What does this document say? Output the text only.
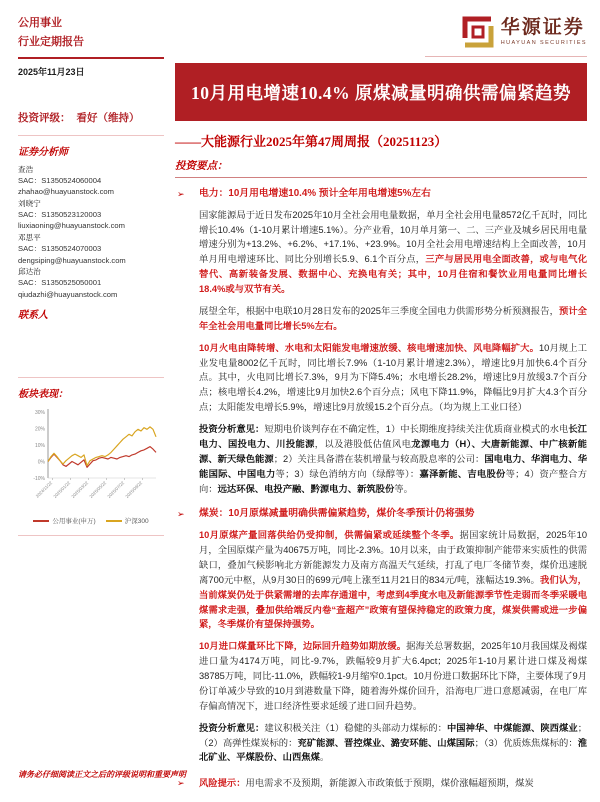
公用事业
行业定期报告
2025年11月23日
投资评级： 看好（维持）
证券分析师
查浩
SAC：S1350524060004
zhahao@huayuanstock.com
刘晓宁
SAC：S1350523120003
liuxiaoning@huayuanstock.com
邓思平
SAC：S1350524070003
dengsiping@huayuanstock.com
邱达治
SAC：S1350525050001
qiudazhi@huayuanstock.com
联系人
板块表现：
30%
20%
10%
0%
-10%
2024/11/22 2025/01/22 2025/03/22 2025/05/22 2025/07/22 2025/09/22
公用事业(申万)	沪深300
华源证券
HUAYUAN SECURITIES
10月用电增速10.4% 原煤减量明确供需偏紧趋势
——大能源行业2025年第47周周报（20251123）
投资要点：
➢	电力：10月用电增速10.4% 预计全年用电增速5%左右

国家能源局于近日发布2025年10月全社会用电量数据，单月全社会用电量8572亿千瓦时，同比增长10.4%（1-10月累计增速5.1%）。分产业看，10月单月第一、二、三产业及城乡居民用电量增速分别为+13.2%、+6.2%、+17.1%、+23.9%。10月全社会用电增速结构上全面改善，10月单月用电增速环比、同比分别增长5.9、6.1个百分点，三产与居民用电全面改善，或与电气化替代、高新装备发展、数据中心、充换电有关；其中，10月住宿和餐饮业用电量同比增长18.4%或与双节有关。

展望全年，根据中电联10月28日发布的2025年三季度全国电力供需形势分析预测报告，预计全年全社会用电量同比增长5%左右。

10月火电由降转增、水电和太阳能发电增速放缓、核电增速加快、风电降幅扩大。10月规上工业发电量8002亿千瓦时，同比增长7.9%（1-10月累计增速2.3%），增速比9月加快6.4个百分点。其中，火电同比增长7.3%，9月为下降5.4%；水电增长28.2%，增速比9月放缓3.7个百分点；核电增长4.2%，增速比9月加快2.6个百分点；风电下降11.9%，降幅比9月扩大4.3个百分点；太阳能发电增长5.9%，增速比9月放缓15.2个百分点。（均为规上工业口径）

投资分析意见：短期电价谈判存在不确定性，1）中长期维度持续关注优质商业模式的水电长江电力、国投电力、川投能源，以及港股低估值风电龙源电力（H）、大唐新能源、中广核新能源、新天绿色能源；2）关注具备潜在装机增量与较高股息率的公司：国电电力、华润电力、华能国际、中国电力等；3）绿色消纳方向（绿醇等）：嘉泽新能、吉电股份等；4）资产整合方向：远达环保、电投产融、黔源电力、新筑股份等。

➢	煤炭：10月原煤减量明确供需偏紧趋势，煤价冬季预计仍将强势

10月原煤产量回落供给仍受抑制，供需偏紧或延续整个冬季。据国家统计局数据，2025年10月，全国原煤产量为40675万吨，同比-2.3%。10月以来，由于政策抑制产能带来实质性的供需缺口，叠加气候影响北方新能源发力及南方高温天气延续，打乱了电厂冬储节奏，煤价迅速脱离700元中枢，从9月30日的699元/吨上涨至11月21日的834元/吨，涨幅达19.3%。我们认为，当前煤炭仍处于供紧需增的去库存通道中，考虑到4季度水电及新能源季节性走弱而冬季采暖电煤需求走强，叠加供给端反内卷“查超产”政策有望保持稳定的政策力度，煤炭供需或进一步偏紧，冬季煤价有望保持强势。

10月进口煤量环比下降，边际回升趋势如期放缓。据海关总署数据，2025年10月我国煤及褐煤进口量为4174万吨，同比-9.7%，跌幅较9月扩大6.4pct；2025年1-10月累计进口煤及褐煤38785万吨，同比-11.0%，跌幅较1-9月缩窄0.1pct。10月份进口数据环比下降，主要体现了9月份订单减少导致的10月到港数量下降，随着海外煤价回升，沿海电厂进口意愿减弱，在电厂库存偏高情况下，进口经济性要求延缓了进口回升趋势。

投资分析意见：建议积极关注（1）稳健的头部动力煤标的：中国神华、中煤能源、陕西煤业；（2）高弹性煤炭标的：兖矿能源、晋控煤业、潞安环能、山煤国际；（3）优质炼焦煤标的：淮北矿业、平煤股份、山西焦煤。

➢	风险提示：用电需求不及预期，新能源入市政策低于预期，煤价涨幅超预期，煤炭

请务必仔细阅读正文之后的评级说明和重要声明
